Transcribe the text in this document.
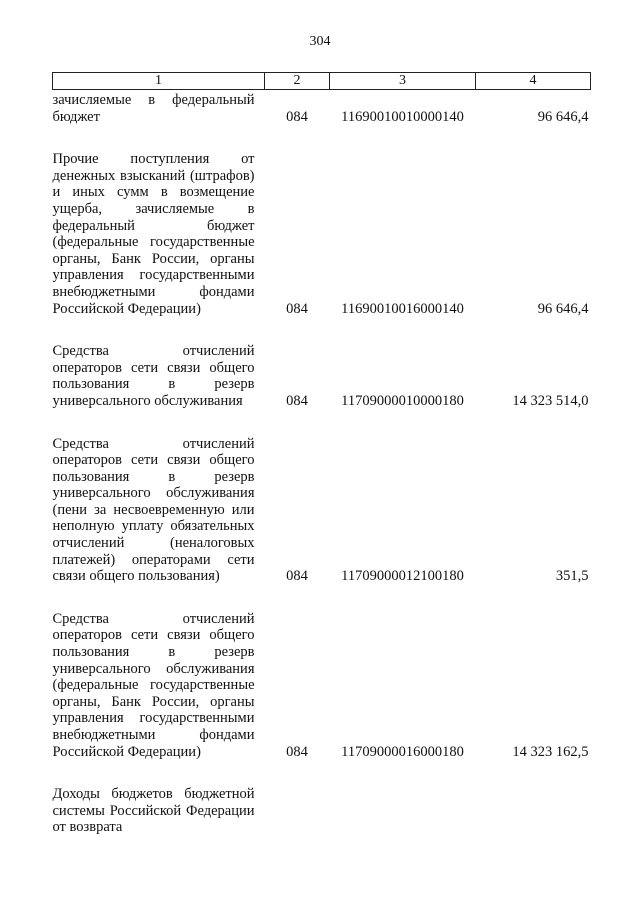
304
1	2	3	4
зачисляемые в федеральный бюджет	084	11690010010000140	96 646,4
Прочие поступления от денежных взысканий (штрафов) и иных сумм в возмещение ущерба, зачисляемые в федеральный бюджет (федеральные государственные органы, Банк России, органы управления государственными внебюджетными фондами Российской Федерации)	084	11690010016000140	96 646,4
Средства отчислений операторов сети связи общего пользования в резерв универсального обслуживания	084	11709000010000180	14 323 514,0
Средства отчислений операторов сети связи общего пользования в резерв универсального обслуживания (пени за несвоевременную или неполную уплату обязательных отчислений (неналоговых платежей) операторами сети связи общего пользования)	084	11709000012100180	351,5
Средства отчислений операторов сети связи общего пользования в резерв универсального обслуживания (федеральные государственные органы, Банк России, органы управления государственными внебюджетными фондами Российской Федерации)	084	11709000016000180	14 323 162,5
Доходы бюджетов бюджетной системы Российской Федерации от возврата			
